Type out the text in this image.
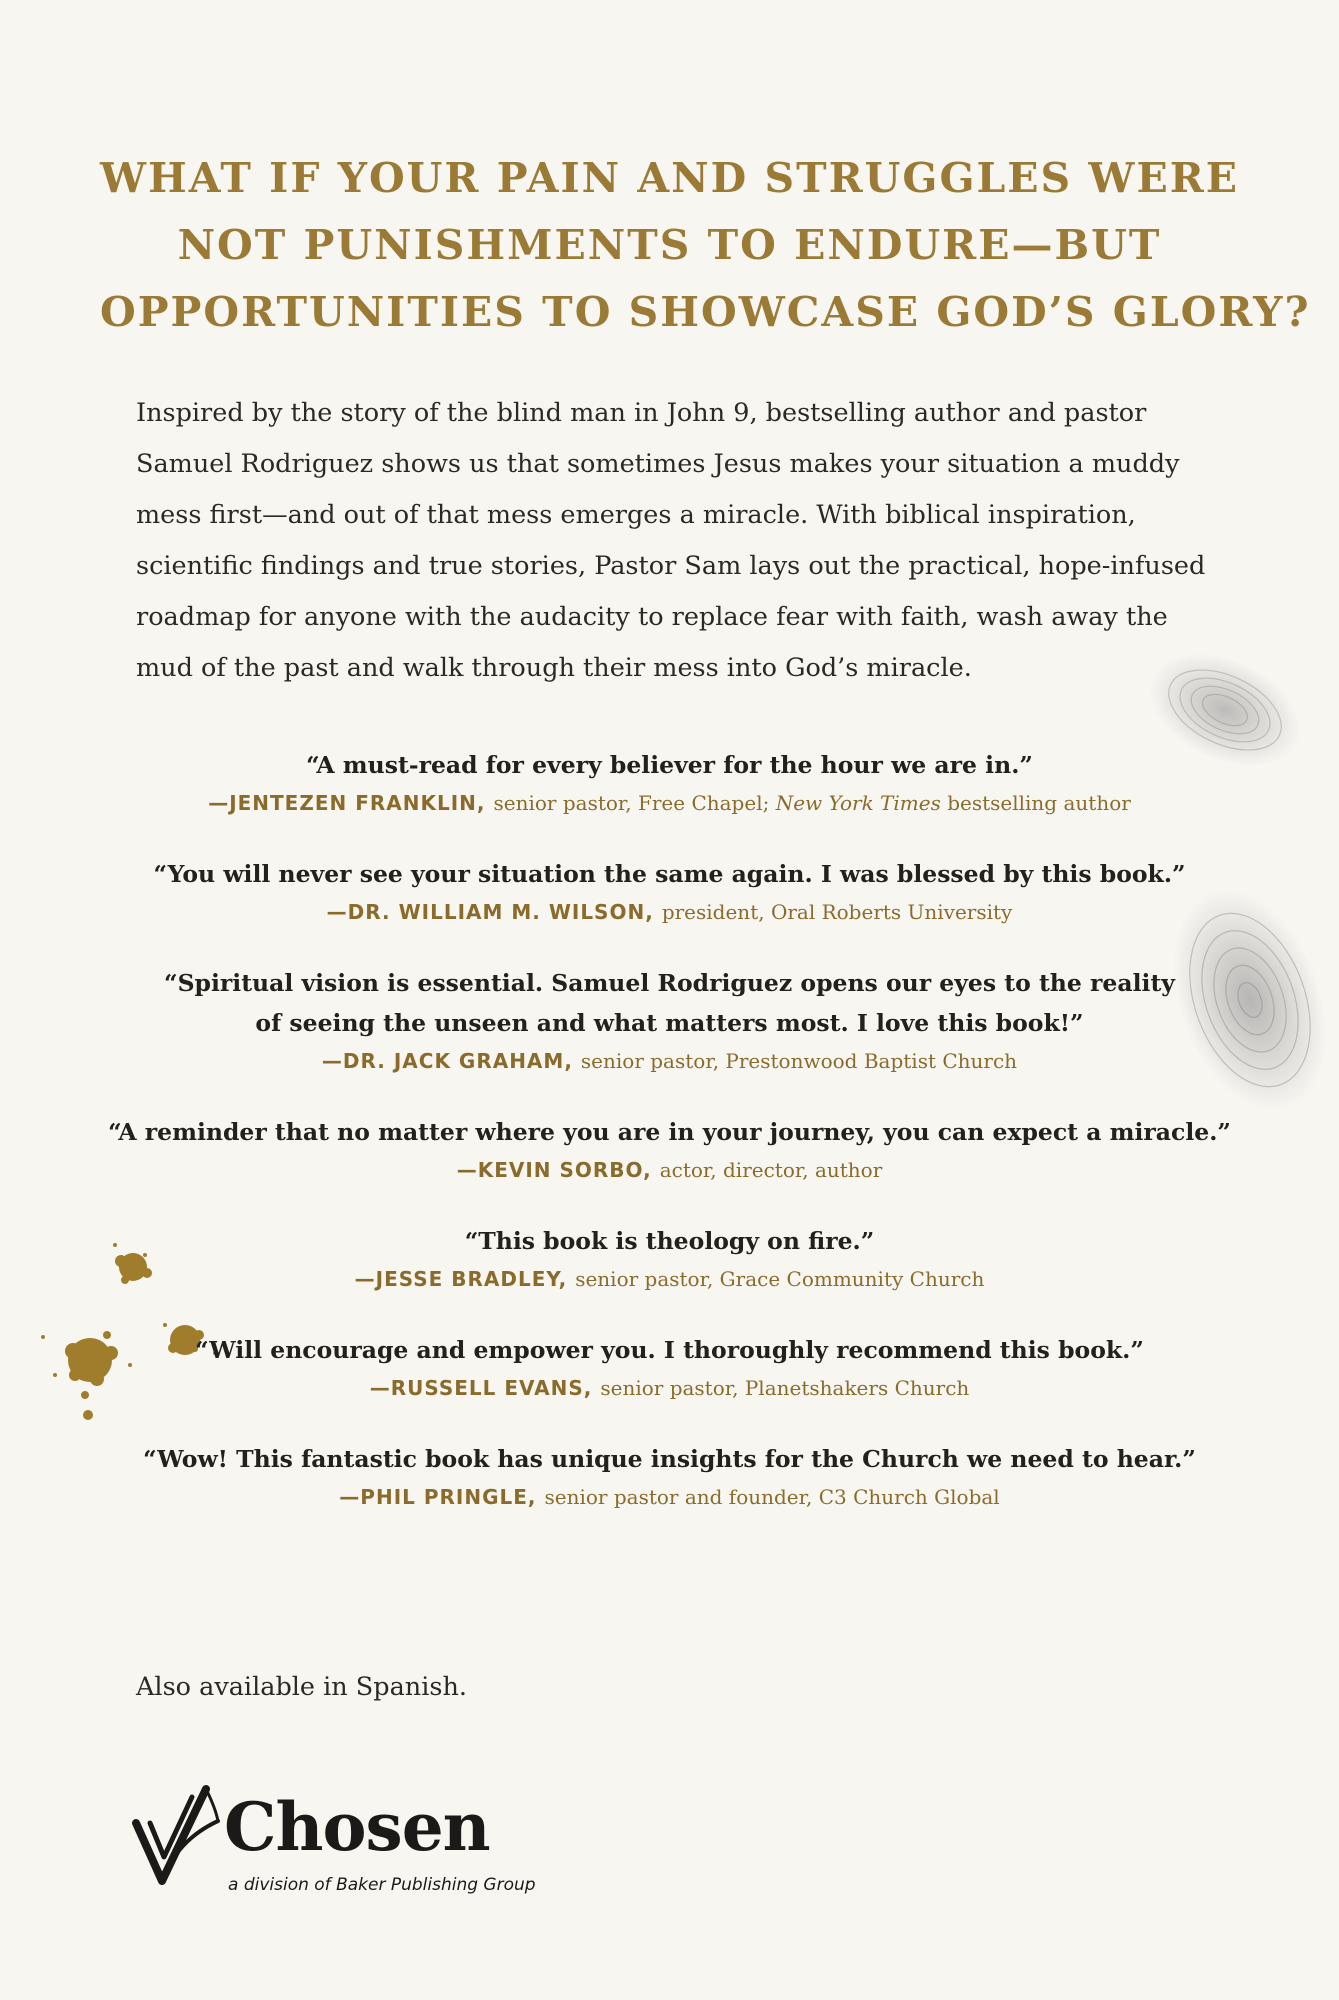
WHAT IF YOUR PAIN AND STRUGGLES WERE
NOT PUNISHMENTS TO ENDURE—BUT
OPPORTUNITIES TO SHOWCASE GOD’S GLORY?
Inspired by the story of the blind man in John 9, bestselling author and pastor
Samuel Rodriguez shows us that sometimes Jesus makes your situation a muddy
mess first—and out of that mess emerges a miracle. With biblical inspiration,
scientific findings and true stories, Pastor Sam lays out the practical, hope-infused
roadmap for anyone with the audacity to replace fear with faith, wash away the
mud of the past and walk through their mess into God’s miracle.
“A must-read for every believer for the hour we are in.”
—JENTEZEN FRANKLIN, senior pastor, Free Chapel; New York Times bestselling author
“You will never see your situation the same again. I was blessed by this book.”
—DR. WILLIAM M. WILSON, president, Oral Roberts University
“Spiritual vision is essential. Samuel Rodriguez opens our eyes to the reality
of seeing the unseen and what matters most. I love this book!”
—DR. JACK GRAHAM, senior pastor, Prestonwood Baptist Church
“A reminder that no matter where you are in your journey, you can expect a miracle.”
—KEVIN SORBO, actor, director, author
“This book is theology on fire.”
—JESSE BRADLEY, senior pastor, Grace Community Church
“Will encourage and empower you. I thoroughly recommend this book.”
—RUSSELL EVANS, senior pastor, Planetshakers Church
“Wow! This fantastic book has unique insights for the Church we need to hear.”
—PHIL PRINGLE, senior pastor and founder, C3 Church Global
Also available in Spanish.
Chosen
a division of Baker Publishing Group
